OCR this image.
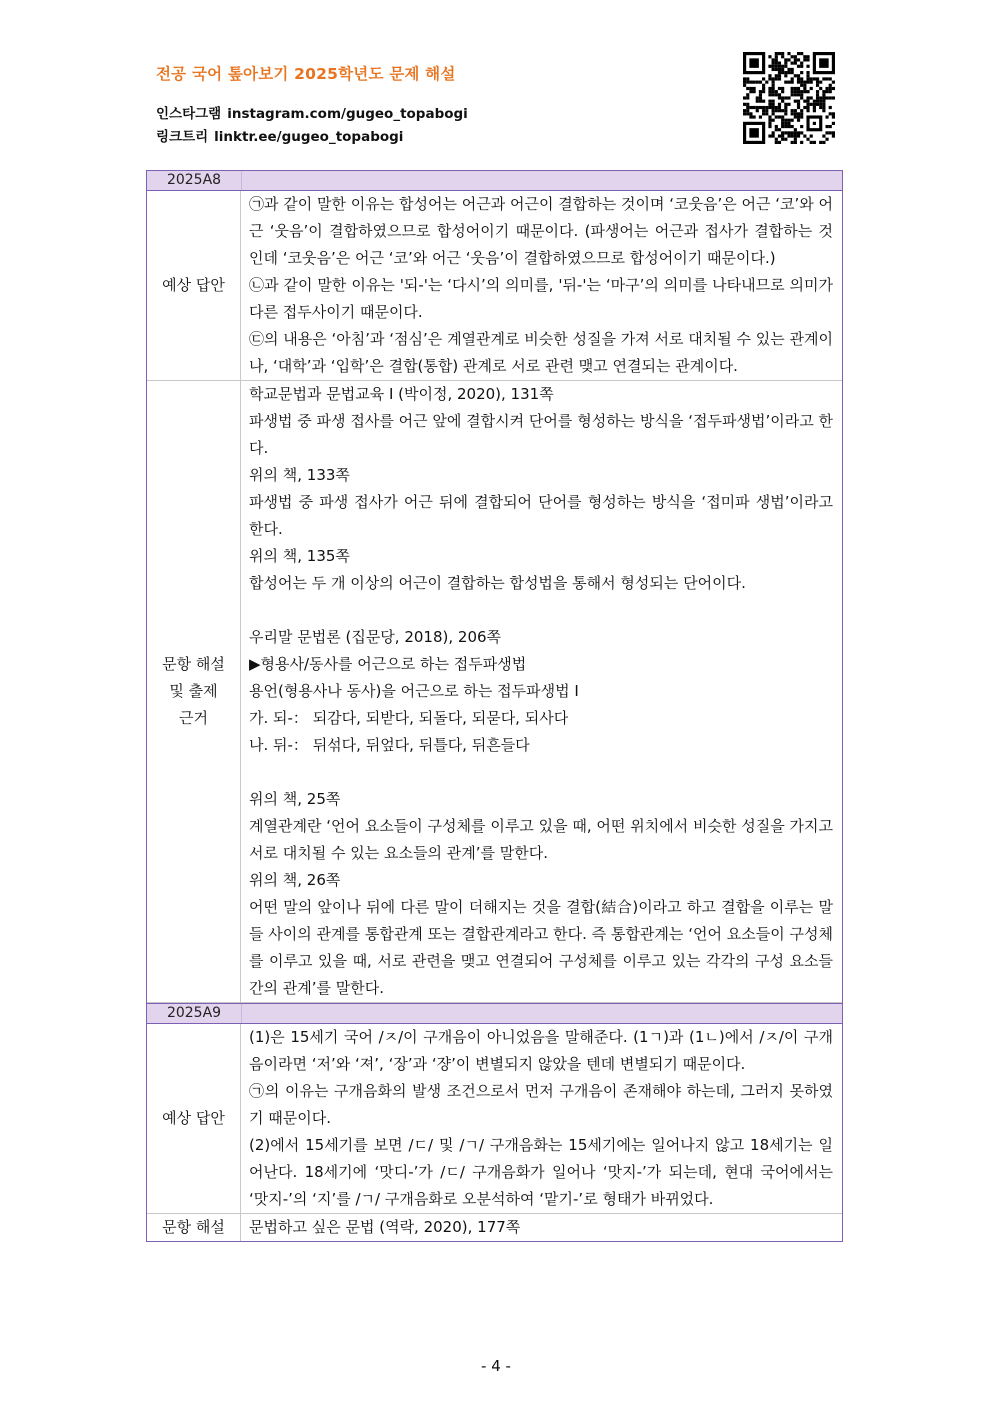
전공 국어 톺아보기 2025학년도 문제 해설
인스타그램 instagram.com/gugeo_topabogi
링크트리 linktr.ee/gugeo_topabogi
2025A8
예상 답안

㉠과 같이 말한 이유는 합성어는 어근과 어근이 결합하는 것이며 ‘코웃음’은 어근 ‘코’와 어근 ‘웃음’이 결합하였으므로 합성어이기 때문이다. (파생어는 어근과 접사가 결합하는 것인데 ‘코웃음’은 어근 ‘코’와 어근 ‘웃음’이 결합하였으므로 합성어이기 때문이다.)

㉡과 같이 말한 이유는 '되-'는 ‘다시’의 의미를, '뒤-'는 ‘마구’의 의미를 나타내므로 의미가 다른 접두사이기 때문이다.

㉢의 내용은 ‘아침’과 ‘점심’은 계열관계로 비슷한 성질을 가져 서로 대치될 수 있는 관계이나, ‘대학’과 ‘입학’은 결합(통합) 관계로 서로 관련 맺고 연결되는 관계이다.

문항 해설
및 출제
근거

학교문법과 문법교육 I (박이정, 2020), 131쪽

파생법 중 파생 접사를 어근 앞에 결합시켜 단어를 형성하는 방식을 ‘접두파생법’이라고 한다.

위의 책, 133쪽

파생법 중 파생 접사가 어근 뒤에 결합되어 단어를 형성하는 방식을 ‘접미파 생법’이라고 한다.

위의 책, 135쪽

합성어는 두 개 이상의 어근이 결합하는 합성법을 통해서 형성되는 단어이다.

우리말 문법론 (집문당, 2018), 206쪽

▶형용사/동사를 어근으로 하는 접두파생법

용언(형용사나 동사)을 어근으로 하는 접두파생법 I

가. 되-： 되감다, 되받다, 되돌다, 되묻다, 되사다

나. 뒤-： 뒤섞다, 뒤엎다, 뒤틀다, 뒤흔들다

위의 책, 25쪽

계열관계란 ‘언어 요소들이 구성체를 이루고 있을 때, 어떤 위치에서 비슷한 성질을 가지고 서로 대치될 수 있는 요소들의 관계’를 말한다.

위의 책, 26쪽

어떤 말의 앞이나 뒤에 다른 말이 더해지는 것을 결합(結合)이라고 하고 결합을 이루는 말들 사이의 관계를 통합관계 또는 결합관계라고 한다. 즉 통합관계는 ‘언어 요소들이 구성체를 이루고 있을 때, 서로 관련을 맺고 연결되어 구성체를 이루고 있는 각각의 구성 요소들 간의 관계’를 말한다.

2025A9
예상 답안

(1)은 15세기 국어 /ㅈ/이 구개음이 아니었음을 말해준다. (1ㄱ)과 (1ㄴ)에서 /ㅈ/이 구개음이라면 ‘저’와 ‘져’, ‘장’과 ‘쟝’이 변별되지 않았을 텐데 변별되기 때문이다.

㉠의 이유는 구개음화의 발생 조건으로서 먼저 구개음이 존재해야 하는데, 그러지 못하였기 때문이다.

(2)에서 15세기를 보면 /ㄷ/ 및 /ㄱ/ 구개음화는 15세기에는 일어나지 않고 18세기는 일어난다. 18세기에 ‘맛디-’가 /ㄷ/ 구개음화가 일어나 ‘맛지-’가 되는데, 현대 국어에서는 ‘맛지-’의 ‘지’를 /ㄱ/ 구개음화로 오분석하여 ‘맡기-’로 형태가 바뀌었다.

문항 해설	문법하고 싶은 문법 (역락, 2020), 177쪽

- 4 -
